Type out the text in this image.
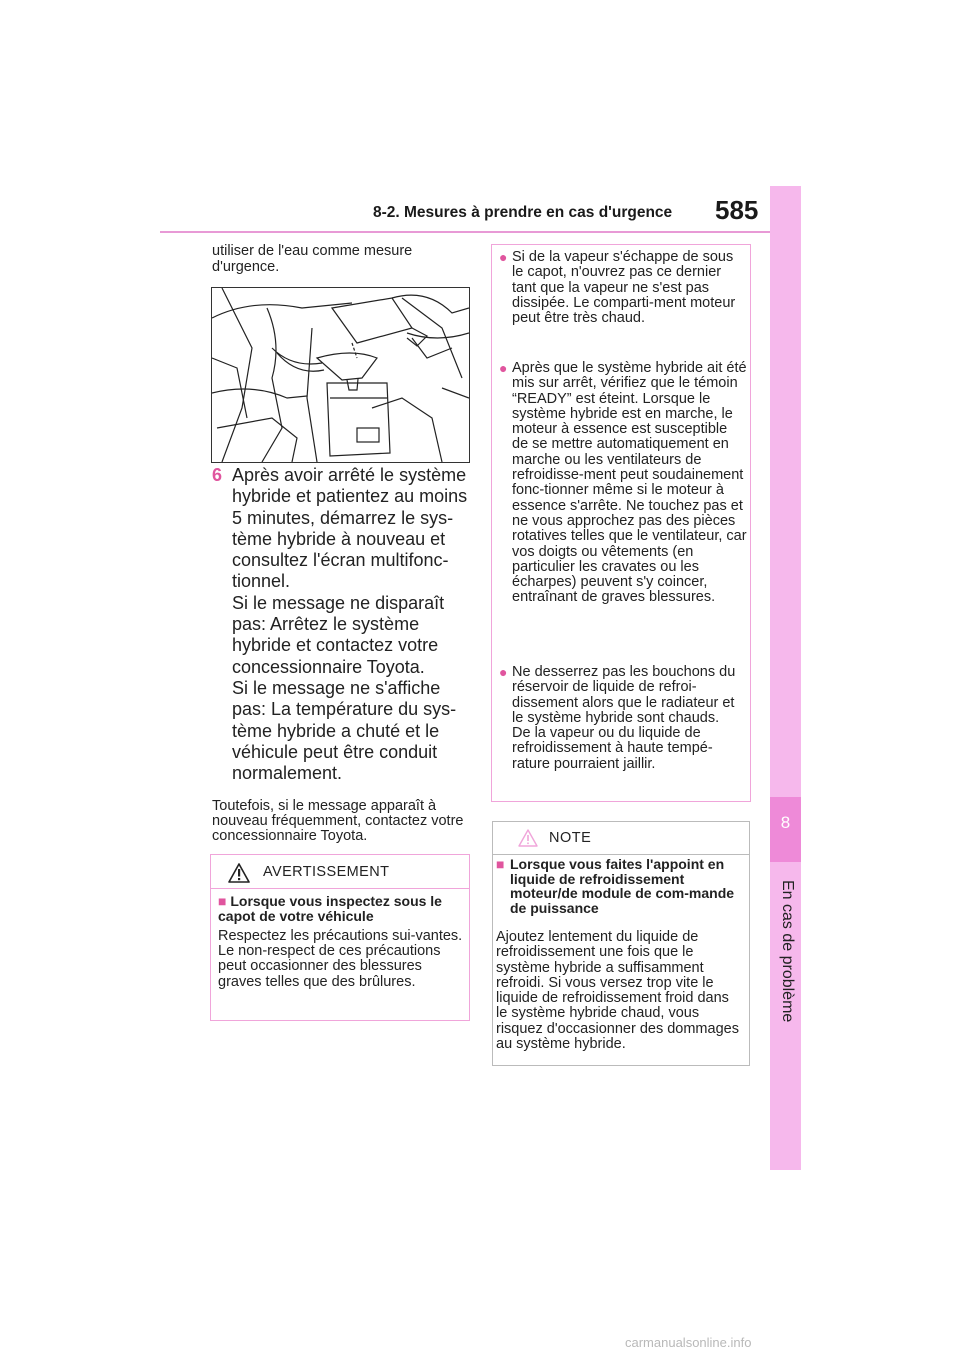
8-2. Mesures à prendre en cas d'urgence 585
8
En cas de problème
utiliser de l'eau comme mesure d'urgence.
6 Après avoir arrêté le système hybride et patientez au moins 5 minutes, démarrez le sys-tème hybride à nouveau et consultez l'écran multifonc-tionnel.

Si le message ne disparaît pas: Arrêtez le système hybride et contactez votre concessionnaire Toyota.

Si le message ne s'affiche pas: La température du sys-tème hybride a chuté et le véhicule peut être conduit normalement.

Toutefois, si le message apparaît à nouveau fréquemment, contactez votre concessionnaire Toyota.
AVERTISSEMENT
■ Lorsque vous inspectez sous le capot de votre véhicule
Respectez les précautions sui-vantes. Le non-respect de ces précautions peut occasionner des blessures graves telles que des brûlures.
● Si de la vapeur s'échappe de sous le capot, n'ouvrez pas ce dernier tant que la vapeur ne s'est pas dissipée. Le comparti-ment moteur peut être très chaud.
● Après que le système hybride ait été mis sur arrêt, vérifiez que le témoin “READY” est éteint. Lorsque le système hybride est en marche, le moteur à essence est susceptible de se mettre automatiquement en marche ou les ventilateurs de refroidisse-ment peut soudainement fonc-tionner même si le moteur à essence s'arrête. Ne touchez pas et ne vous approchez pas des pièces rotatives telles que le ventilateur, car vos doigts ou vêtements (en particulier les cravates ou les écharpes) peuvent s'y coincer, entraînant de graves blessures.
● Ne desserrez pas les bouchons du réservoir de liquide de refroi-dissement alors que le radiateur et le système hybride sont chauds.
De la vapeur ou du liquide de refroidissement à haute tempé-rature pourraient jaillir.
NOTE
■ Lorsque vous faites l'appoint en liquide de refroidissement moteur/de module de com-mande de puissance
Ajoutez lentement du liquide de refroidissement une fois que le système hybride a suffisamment refroidi. Si vous versez trop vite le liquide de refroidissement froid dans le système hybride chaud, vous risquez d'occasionner des dommages au système hybride.
carmanualsonline.info
